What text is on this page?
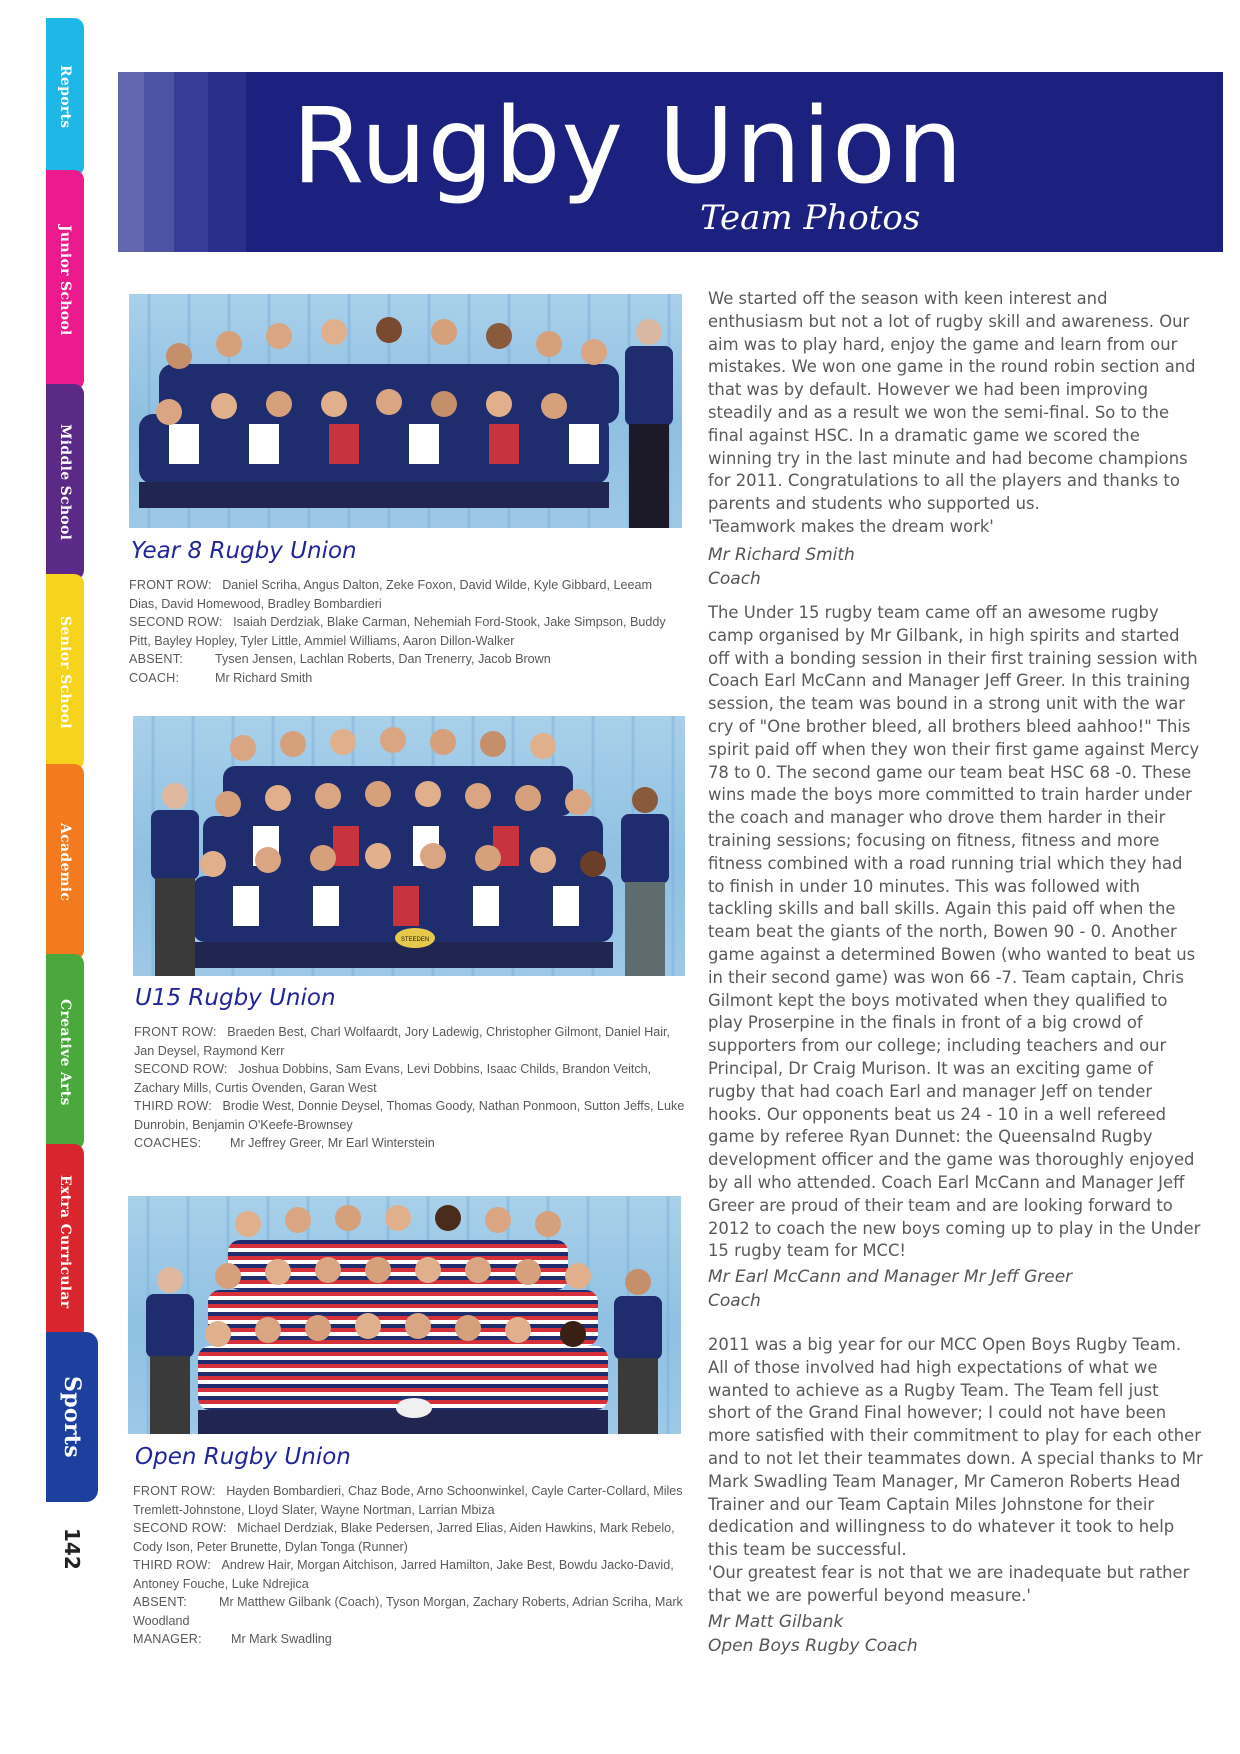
Reports
Junior School
Middle School
Senior School
Academic
Creative Arts
Extra Curricular
Sports
142
Rugby Union
Team Photos
Year 8 Rugby Union
FRONT ROW: Daniel Scriha, Angus Dalton, Zeke Foxon, David Wilde, Kyle Gibbard, Leeam Dias, David Homewood, Bradley Bombardieri
SECOND ROW: Isaiah Derdziak, Blake Carman, Nehemiah Ford-Stook, Jake Simpson, Buddy Pitt, Bayley Hopley, Tyler Little, Ammiel Williams, Aaron Dillon-Walker
ABSENT:	Tysen Jensen, Lachlan Roberts, Dan Trenerry, Jacob Brown
COACH:	Mr Richard Smith
STEEDEN
U15 Rugby Union
FRONT ROW: Braeden Best, Charl Wolfaardt, Jory Ladewig, Christopher Gilmont, Daniel Hair, Jan Deysel, Raymond Kerr
SECOND ROW: Joshua Dobbins, Sam Evans, Levi Dobbins, Isaac Childs, Brandon Veitch, Zachary Mills, Curtis Ovenden, Garan West
THIRD ROW: Brodie West, Donnie Deysel, Thomas Goody, Nathan Ponmoon, Sutton Jeffs, Luke Dunrobin, Benjamin O'Keefe-Brownsey
COACHES: Mr Jeffrey Greer, Mr Earl Winterstein
Open Rugby Union
FRONT ROW: Hayden Bombardieri, Chaz Bode, Arno Schoonwinkel, Cayle Carter-Collard, Miles Tremlett-Johnstone, Lloyd Slater, Wayne Nortman, Larrian Mbiza
SECOND ROW: Michael Derdziak, Blake Pedersen, Jarred Elias, Aiden Hawkins, Mark Rebelo, Cody Ison, Peter Brunette, Dylan Tonga (Runner)
THIRD ROW: Andrew Hair, Morgan Aitchison, Jarred Hamilton, Jake Best, Bowdu Jacko-David, Antoney Fouche, Luke Ndrejica
ABSENT:	Mr Matthew Gilbank (Coach), Tyson Morgan, Zachary Roberts, Adrian Scriha, Mark Woodland
MANAGER: Mr Mark Swadling

We started off the season with keen interest and enthusiasm but not a lot of rugby skill and awareness. Our aim was to play hard, enjoy the game and learn from our mistakes. We won one game in the round robin section and that was by default. However we had been improving steadily and as a result we won the semi-final. So to the final against HSC. In a dramatic game we scored the winning try in the last minute and had become champions for 2011. Congratulations to all the players and thanks to parents and students who supported us.

'Teamwork makes the dream work'

Mr Richard Smith

Coach

The Under 15 rugby team came off an awesome rugby camp organised by Mr Gilbank, in high spirits and started off with a bonding session in their first training session with Coach Earl McCann and Manager Jeff Greer. In this training session, the team was bound in a strong unit with the war cry of "One brother bleed, all brothers bleed aahhoo!" This spirit paid off when they won their first game against Mercy 78 to 0. The second game our team beat HSC 68 -0. These wins made the boys more committed to train harder under the coach and manager who drove them harder in their training sessions; focusing on fitness, fitness and more fitness combined with a road running trial which they had to finish in under 10 minutes. This was followed with tackling skills and ball skills. Again this paid off when the team beat the giants of the north, Bowen 90 - 0. Another game against a determined Bowen (who wanted to beat us in their second game) was won 66 -7. Team captain, Chris Gilmont kept the boys motivated when they qualified to play Proserpine in the finals in front of a big crowd of supporters from our college; including teachers and our Principal, Dr Craig Murison. It was an exciting game of rugby that had coach Earl and manager Jeff on tender hooks. Our opponents beat us 24 - 10 in a well refereed game by referee Ryan Dunnet: the Queensalnd Rugby development officer and the game was thoroughly enjoyed by all who attended. Coach Earl McCann and Manager Jeff Greer are proud of their team and are looking forward to 2012 to coach the new boys coming up to play in the Under 15 rugby team for MCC!

Mr Earl McCann and Manager Mr Jeff Greer

Coach

2011 was a big year for our MCC Open Boys Rugby Team. All of those involved had high expectations of what we wanted to achieve as a Rugby Team. The Team fell just short of the Grand Final however; I could not have been more satisfied with their commitment to play for each other and to not let their teammates down. A special thanks to Mr Mark Swadling Team Manager, Mr Cameron Roberts Head Trainer and our Team Captain Miles Johnstone for their dedication and willingness to do whatever it took to help this team be successful.

'Our greatest fear is not that we are inadequate but rather that we are powerful beyond measure.'

Mr Matt Gilbank

Open Boys Rugby Coach
